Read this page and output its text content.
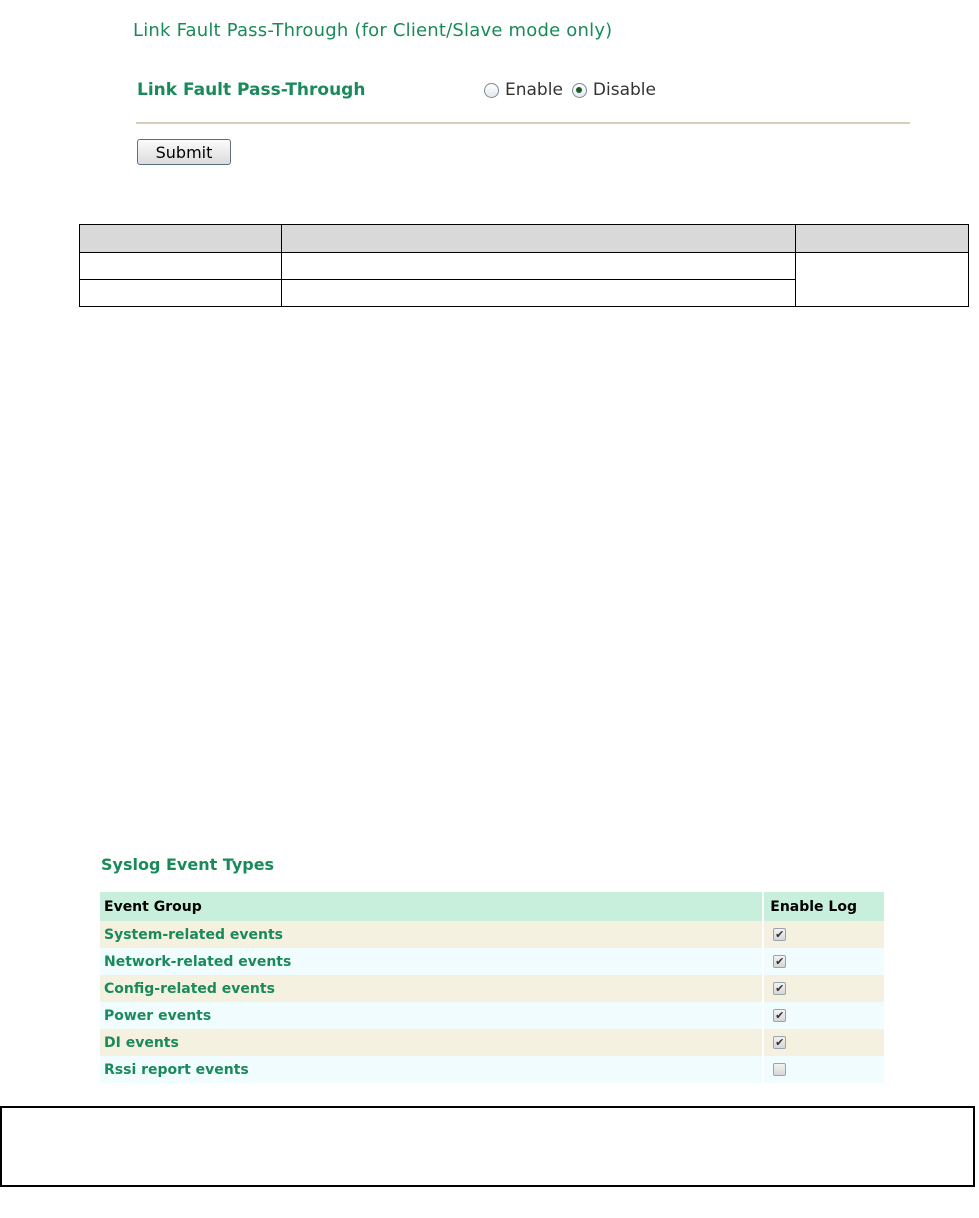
Link Fault Pass-Through (for Client/Slave mode only)
Link Fault Pass-Through	Enable Disable
Submit

Syslog Event Types
Event Group	Enable Log
System-related events	✔
Network-related events	✔
Config-related events	✔
Power events	✔
DI events	✔
Rssi report events	
